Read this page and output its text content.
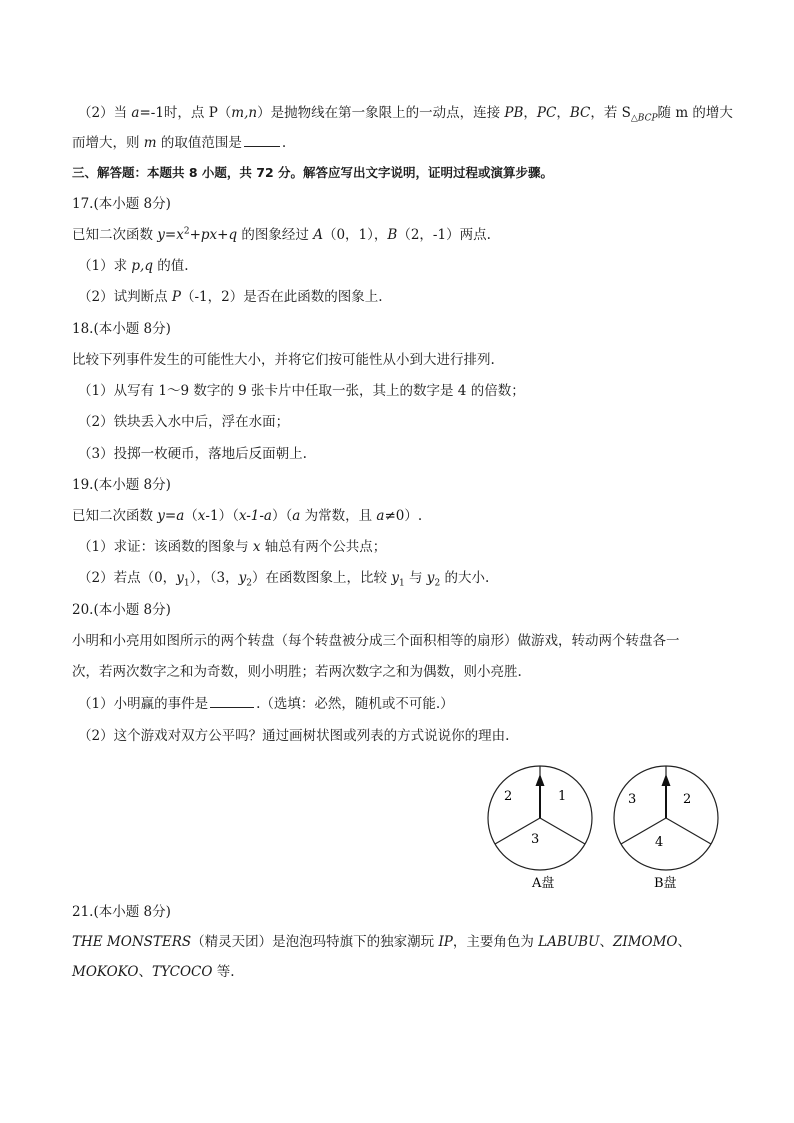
（2）当 a=-1时，点 P（m,n）是抛物线在第一象限上的一动点，连接 PB，PC，BC，若 $S_{\triangle BCP}$随 m 的增大
而增大，则 m 的取值范围是	.
三、解答题：本题共 8 小题，共 72 分。解答应写出文字说明，证明过程或演算步骤。
17.(本小题 8分)
已知二次函数 $y=x^2+px+q$ 的图象经过 A（0，1），B（2，-1）两点.
（1）求 p,q 的值.
（2）试判断点 P（-1，2）是否在此函数的图象上.
18.(本小题 8分)
比较下列事件发生的可能性大小，并将它们按可能性从小到大进行排列.
（1）从写有 1～9 数字的 9 张卡片中任取一张，其上的数字是 4 的倍数；
（2）铁块丢入水中后，浮在水面；
（3）投掷一枚硬币，落地后反面朝上.
19.(本小题 8分)
已知二次函数 y=a（x-1）（x-1-a）（a 为常数，且 a≠0）.
（1）求证：该函数的图象与 x 轴总有两个公共点；
（2）若点（0，$y_1$），（3，$y_2$）在函数图象上，比较 $y_1$ 与 $y_2$ 的大小.
20.(本小题 8分)
小明和小亮用如图所示的两个转盘（每个转盘被分成三个面积相等的扇形）做游戏，转动两个转盘各一
次，若两次数字之和为奇数，则小明胜；若两次数字之和为偶数，则小亮胜.
（1）小明赢的事件是	.（选填：必然，随机或不可能.）
（2）这个游戏对双方公平吗？通过画树状图或列表的方式说说你的理由.
2	1
3
A盘
3	2
4
B盘
21.(本小题 8分)
THE MONSTERS（精灵天团）是泡泡玛特旗下的独家潮玩 IP，主要角色为 LABUBU、ZIMOMO、
MOKOKO、TYCOCO 等.
